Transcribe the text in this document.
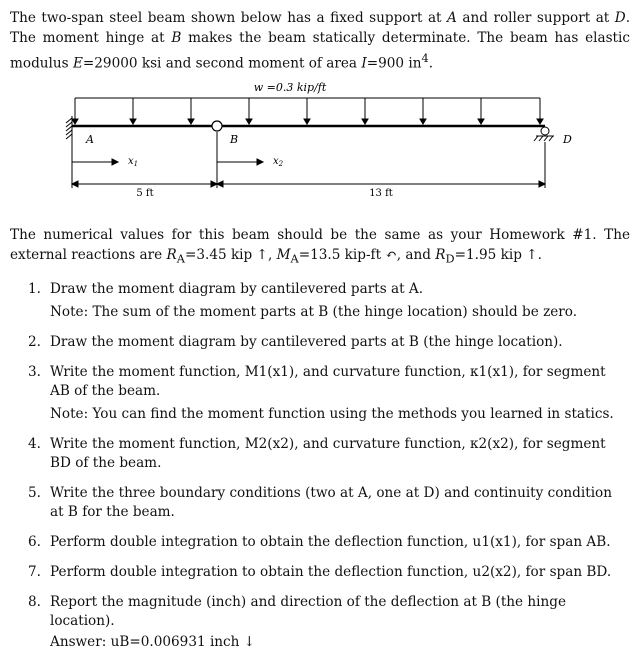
The two-span steel beam shown below has a fixed support at A and roller support at D. The moment hinge at B makes the beam statically determinate. The beam has elastic modulus E=29000 ksi and second moment of area I=900 $in^4$.
w =0.3 kip/ft
A	B	D
$x_1$	$x_2$
5 ft	13 ft
The numerical values for this beam should be the same as your Homework #1. The external reactions are $R_A=3.45$ kip ↑, $M_A=13.5$ kip-ft ↶, and $R_D=1.95$ kip ↑.
1. Draw the moment diagram by cantilevered parts at A.
Note: The sum of the moment parts at B (the hinge location) should be zero.
2. Draw the moment diagram by cantilevered parts at B (the hinge location).
3. Write the moment function, M1(x1), and curvature function, κ1(x1), for segment AB of the beam.
Note: You can find the moment function using the methods you learned in statics.
4. Write the moment function, M2(x2), and curvature function, κ2(x2), for segment BD of the beam.
5. Write the three boundary conditions (two at A, one at D) and continuity condition at B for the beam.
6. Perform double integration to obtain the deflection function, u1(x1), for span AB.
7. Perform double integration to obtain the deflection function, u2(x2), for span BD.
8. Report the magnitude (inch) and direction of the deflection at B (the hinge location).
Answer: uB=0.006931 inch ↓
